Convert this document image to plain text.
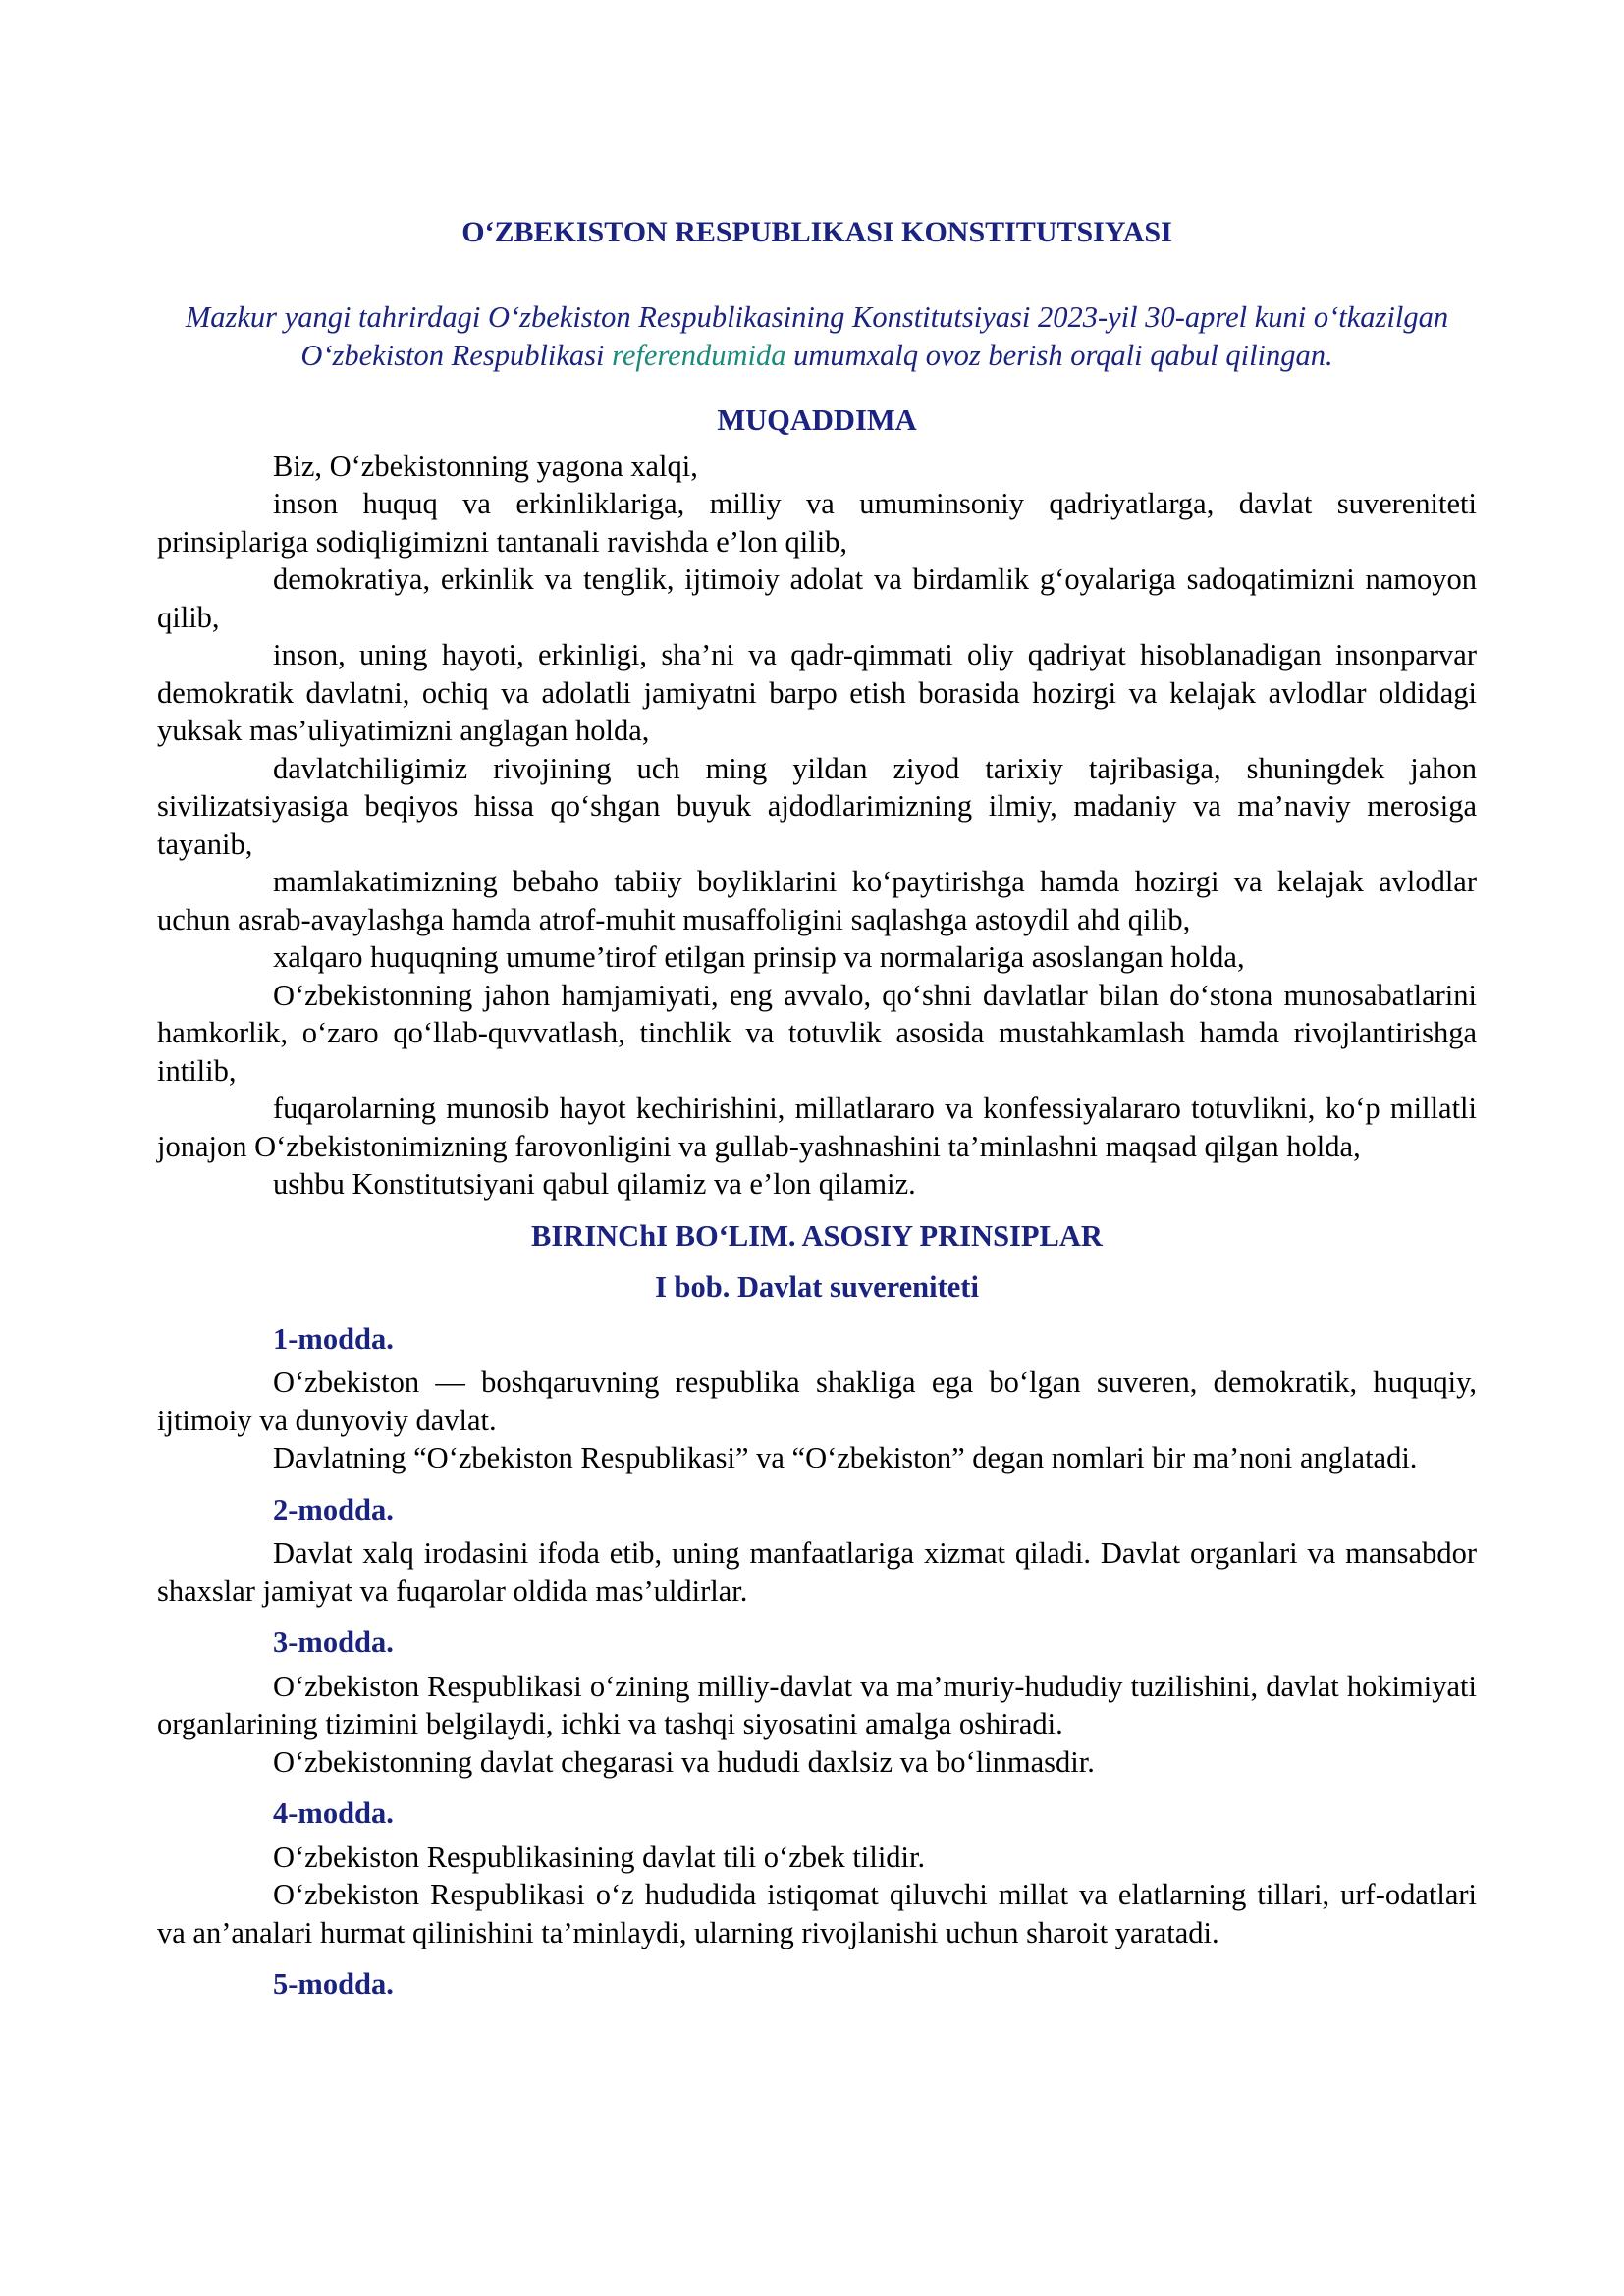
O‘ZBEKISTON RESPUBLIKASI KONSTITUTSIYASI
Mazkur yangi tahrirdagi O‘zbekiston Respublikasining Konstitutsiyasi 2023-yil 30-aprel kuni o‘tkazilgan O‘zbekiston Respublikasi referendumida umumxalq ovoz berish orqali qabul qilingan.
MUQADDIMA

Biz, O‘zbekistonning yagona xalqi,

inson huquq va erkinliklariga, milliy va umuminsoniy qadriyatlarga, davlat suvereniteti prinsiplariga sodiqligimizni tantanali ravishda e’lon qilib,

demokratiya, erkinlik va tenglik, ijtimoiy adolat va birdamlik g‘oyalariga sadoqatimizni namoyon qilib,

inson, uning hayoti, erkinligi, sha’ni va qadr-qimmati oliy qadriyat hisoblanadigan insonparvar demokratik davlatni, ochiq va adolatli jamiyatni barpo etish borasida hozirgi va kelajak avlodlar oldidagi yuksak mas’uliyatimizni anglagan holda,

davlatchiligimiz rivojining uch ming yildan ziyod tarixiy tajribasiga, shuningdek jahon sivilizatsiyasiga beqiyos hissa qo‘shgan buyuk ajdodlarimizning ilmiy, madaniy va ma’naviy merosiga tayanib,

mamlakatimizning bebaho tabiiy boyliklarini ko‘paytirishga hamda hozirgi va kelajak avlodlar uchun asrab-avaylashga hamda atrof-muhit musaffoligini saqlashga astoydil ahd qilib,

xalqaro huquqning umume’tirof etilgan prinsip va normalariga asoslangan holda,

O‘zbekistonning jahon hamjamiyati, eng avvalo, qo‘shni davlatlar bilan do‘stona munosabatlarini hamkorlik, o‘zaro qo‘llab-quvvatlash, tinchlik va totuvlik asosida mustahkamlash hamda rivojlantirishga intilib,

fuqarolarning munosib hayot kechirishini, millatlararo va konfessiyalararo totuvlikni, ko‘p millatli jonajon O‘zbekistonimizning farovonligini va gullab-yashnashini ta’minlashni maqsad qilgan holda,

ushbu Konstitutsiyani qabul qilamiz va e’lon qilamiz.

BIRINChI BO‘LIM. ASOSIY PRINSIPLAR
I bob. Davlat suvereniteti
1-modda.

O‘zbekiston — boshqaruvning respublika shakliga ega bo‘lgan suveren, demokratik, huquqiy, ijtimoiy va dunyoviy davlat.

Davlatning “O‘zbekiston Respublikasi” va “O‘zbekiston” degan nomlari bir ma’noni anglatadi.

2-modda.

Davlat xalq irodasini ifoda etib, uning manfaatlariga xizmat qiladi. Davlat organlari va mansabdor shaxslar jamiyat va fuqarolar oldida mas’uldirlar.

3-modda.

O‘zbekiston Respublikasi o‘zining milliy-davlat va ma’muriy-hududiy tuzilishini, davlat hokimiyati organlarining tizimini belgilaydi, ichki va tashqi siyosatini amalga oshiradi.

O‘zbekistonning davlat chegarasi va hududi daxlsiz va bo‘linmasdir.

4-modda.

O‘zbekiston Respublikasining davlat tili o‘zbek tilidir.

O‘zbekiston Respublikasi o‘z hududida istiqomat qiluvchi millat va elatlarning tillari, urf-odatlari va an’analari hurmat qilinishini ta’minlaydi, ularning rivojlanishi uchun sharoit yaratadi.

5-modda.
